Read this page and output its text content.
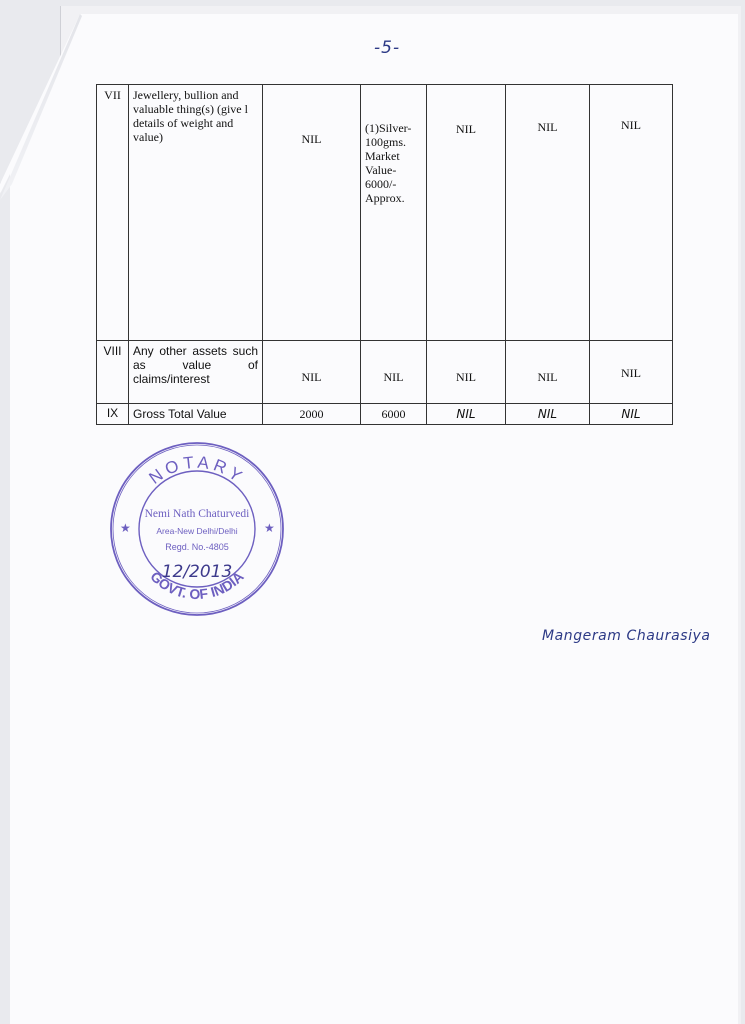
-5-
VII	Jewellery, bullion and valuable thing(s) (give l details of weight and value)	NIL	(1)Silver-100gms. Market Value-6000/- Approx.	NIL	NIL	NIL

VIII	Any other assets such as value of claims/interest	NIL	NIL	NIL	NIL	NIL

IX	Gross Total Value	2000	6000	NIL	NIL	NIL
NOTARY
GOVT. OF INDIA
★	★
Nemi Nath Chaturvedi
Area-New Delhi/Delhi
Regd. No.-4805
12/2013
Mangeram Chaurasiya
